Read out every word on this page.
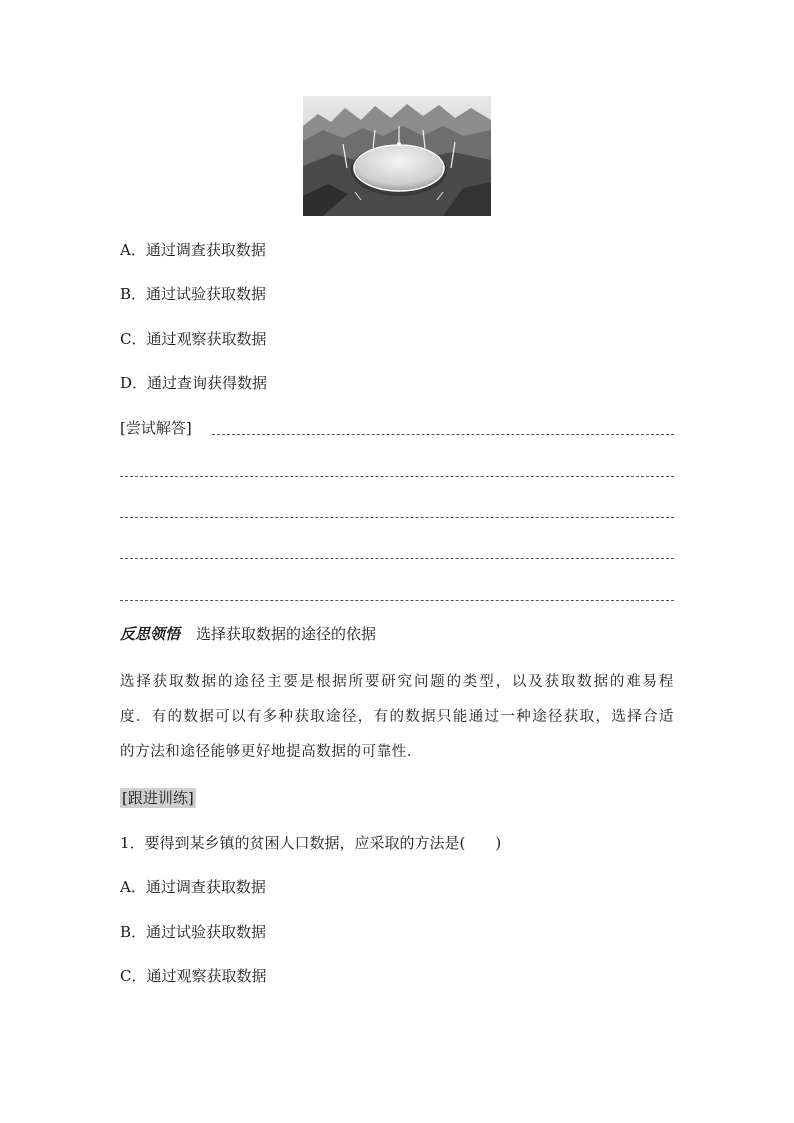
A．通过调查获取数据
B．通过试验获取数据
C．通过观察获取数据
D．通过查询获得数据
[尝试解答]
反思领悟 选择获取数据的途径的依据
选择获取数据的途径主要是根据所要研究问题的类型，以及获取数据的难易程
度．有的数据可以有多种获取途径，有的数据只能通过一种途径获取，选择合适
的方法和途径能够更好地提高数据的可靠性．
[跟进训练]
1．要得到某乡镇的贫困人口数据，应采取的方法是(　　)
A．通过调查获取数据
B．通过试验获取数据
C．通过观察获取数据
